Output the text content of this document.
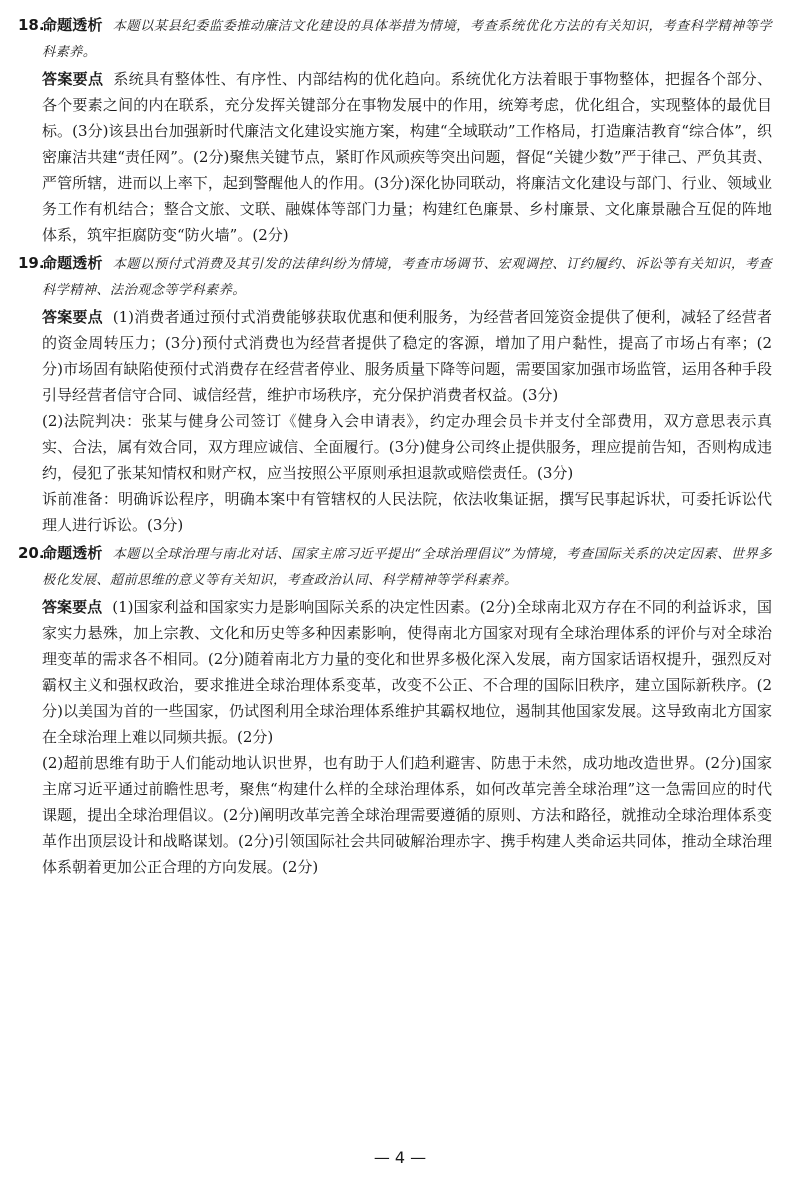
18.
命题透析 本题以某县纪委监委推动廉洁文化建设的具体举措为情境，考查系统优化方法的有关知识，考查科学精神等学科素养。

答案要点 系统具有整体性、有序性、内部结构的优化趋向。系统优化方法着眼于事物整体，把握各个部分、各个要素之间的内在联系，充分发挥关键部分在事物发展中的作用，统筹考虑，优化组合，实现整体的最优目标。(3分)该县出台加强新时代廉洁文化建设实施方案，构建“全域联动”工作格局，打造廉洁教育“综合体”，织密廉洁共建“责任网”。(2分)聚焦关键节点，紧盯作风顽疾等突出问题，督促“关键少数”严于律己、严负其责、严管所辖，进而以上率下，起到警醒他人的作用。(3分)深化协同联动，将廉洁文化建设与部门、行业、领域业务工作有机结合；整合文旅、文联、融媒体等部门力量；构建红色廉景、乡村廉景、文化廉景融合互促的阵地体系，筑牢拒腐防变“防火墙”。(2分)

19.
命题透析 本题以预付式消费及其引发的法律纠纷为情境，考查市场调节、宏观调控、订约履约、诉讼等有关知识，考查科学精神、法治观念等学科素养。

答案要点 (1)消费者通过预付式消费能够获取优惠和便利服务，为经营者回笼资金提供了便利，减轻了经营者的资金周转压力；(3分)预付式消费也为经营者提供了稳定的客源，增加了用户黏性，提高了市场占有率；(2分)市场固有缺陷使预付式消费存在经营者停业、服务质量下降等问题，需要国家加强市场监管，运用各种手段引导经营者信守合同、诚信经营，维护市场秩序，充分保护消费者权益。(3分)

(2)法院判决：张某与健身公司签订《健身入会申请表》，约定办理会员卡并支付全部费用，双方意思表示真实、合法，属有效合同，双方理应诚信、全面履行。(3分)健身公司终止提供服务，理应提前告知，否则构成违约，侵犯了张某知情权和财产权，应当按照公平原则承担退款或赔偿责任。(3分)

诉前准备：明确诉讼程序，明确本案中有管辖权的人民法院，依法收集证据，撰写民事起诉状，可委托诉讼代理人进行诉讼。(3分)

20.
命题透析 本题以全球治理与南北对话、国家主席习近平提出“全球治理倡议”为情境，考查国际关系的决定因素、世界多极化发展、超前思维的意义等有关知识，考查政治认同、科学精神等学科素养。

答案要点 (1)国家利益和国家实力是影响国际关系的决定性因素。(2分)全球南北双方存在不同的利益诉求，国家实力悬殊，加上宗教、文化和历史等多种因素影响，使得南北方国家对现有全球治理体系的评价与对全球治理变革的需求各不相同。(2分)随着南北方力量的变化和世界多极化深入发展，南方国家话语权提升，强烈反对霸权主义和强权政治，要求推进全球治理体系变革，改变不公正、不合理的国际旧秩序，建立国际新秩序。(2分)以美国为首的一些国家，仍试图利用全球治理体系维护其霸权地位，遏制其他国家发展。这导致南北方国家在全球治理上难以同频共振。(2分)

(2)超前思维有助于人们能动地认识世界，也有助于人们趋利避害、防患于未然，成功地改造世界。(2分)国家主席习近平通过前瞻性思考，聚焦“构建什么样的全球治理体系，如何改革完善全球治理”这一急需回应的时代课题，提出全球治理倡议。(2分)阐明改革完善全球治理需要遵循的原则、方法和路径，就推动全球治理体系变革作出顶层设计和战略谋划。(2分)引领国际社会共同破解治理赤字、携手构建人类命运共同体，推动全球治理体系朝着更加公正合理的方向发展。(2分)

— 4 —
